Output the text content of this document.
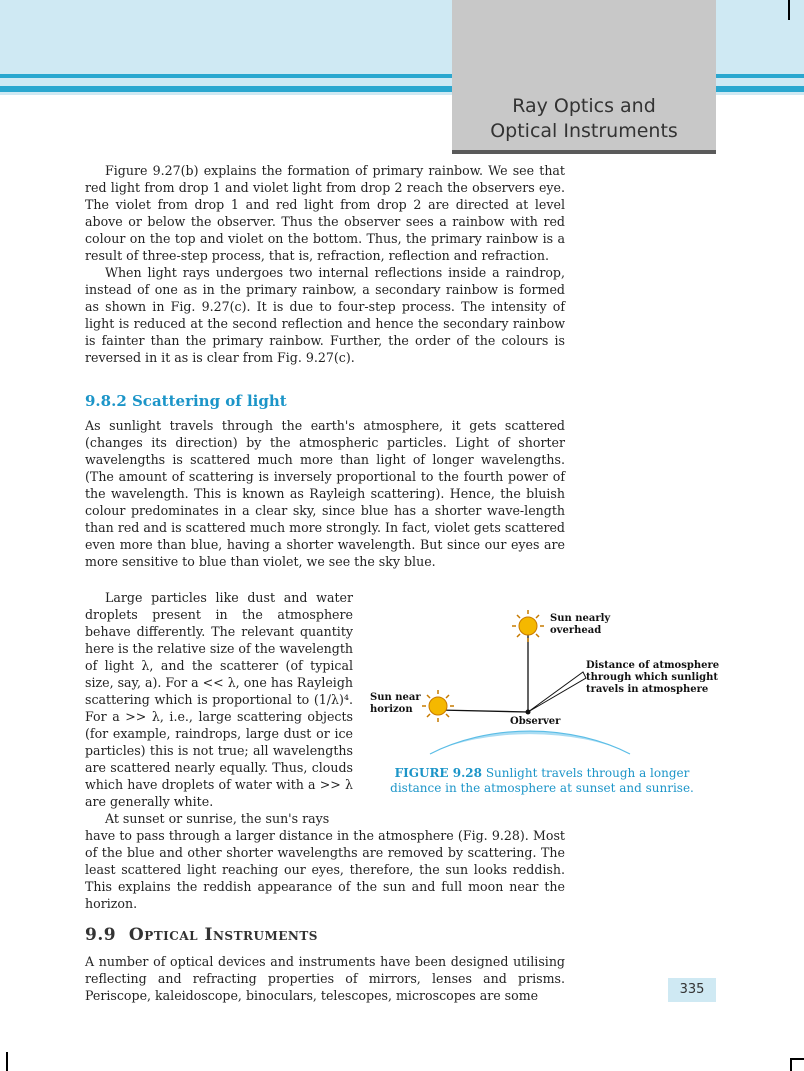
Ray Optics and
Optical Instruments

Figure 9.27(b) explains the formation of primary rainbow. We see that red light from drop 1 and violet light from drop 2 reach the observers eye. The violet from drop 1 and red light from drop 2 are directed at level above or below the observer. Thus the observer sees a rainbow with red colour on the top and violet on the bottom. Thus, the primary rainbow is a result of three-step process, that is, refraction, reflection and refraction.

When light rays undergoes two internal reflections inside a raindrop, instead of one as in the primary rainbow, a secondary rainbow is formed as shown in Fig. 9.27(c). It is due to four-step process. The intensity of light is reduced at the second reflection and hence the secondary rainbow is fainter than the primary rainbow. Further, the order of the colours is reversed in it as is clear from Fig. 9.27(c).

9.8.2 Scattering of light

As sunlight travels through the earth's atmosphere, it gets scattered (changes its direction) by the atmospheric particles. Light of shorter wavelengths is scattered much more than light of longer wavelengths. (The amount of scattering is inversely proportional to the fourth power of the wavelength. This is known as Rayleigh scattering). Hence, the bluish colour predominates in a clear sky, since blue has a shorter wave-length than red and is scattered much more strongly. In fact, violet gets scattered even more than blue, having a shorter wavelength. But since our eyes are more sensitive to blue than violet, we see the sky blue.

Large particles like dust and water droplets present in the atmosphere behave differently. The relevant quantity here is the relative size of the wavelength of light λ, and the scatterer (of typical size, say, a). For a << λ, one has Rayleigh scattering which is proportional to (1/λ)⁴. For a >> λ, i.e., large scattering objects (for example, raindrops, large dust or ice particles) this is not true; all wavelengths are scattered nearly equally. Thus, clouds which have droplets of water with a >> λ are generally white.

At sunset or sunrise, the sun's rays

have to pass through a larger distance in the atmosphere (Fig. 9.28). Most of the blue and other shorter wavelengths are removed by scattering. The least scattered light reaching our eyes, therefore, the sun looks reddish. This explains the reddish appearance of the sun and full moon near the horizon.

Sun nearly
overhead
Distance of atmosphere
through which sunlight
travels in atmosphere
Sun near
horizon
Observer
FIGURE 9.28 Sunlight travels through a longer distance in the atmosphere at sunset and sunrise.
9.9 Optical Instruments

A number of optical devices and instruments have been designed utilising reflecting and refracting properties of mirrors, lenses and prisms. Periscope, kaleidoscope, binoculars, telescopes, microscopes are some	335
